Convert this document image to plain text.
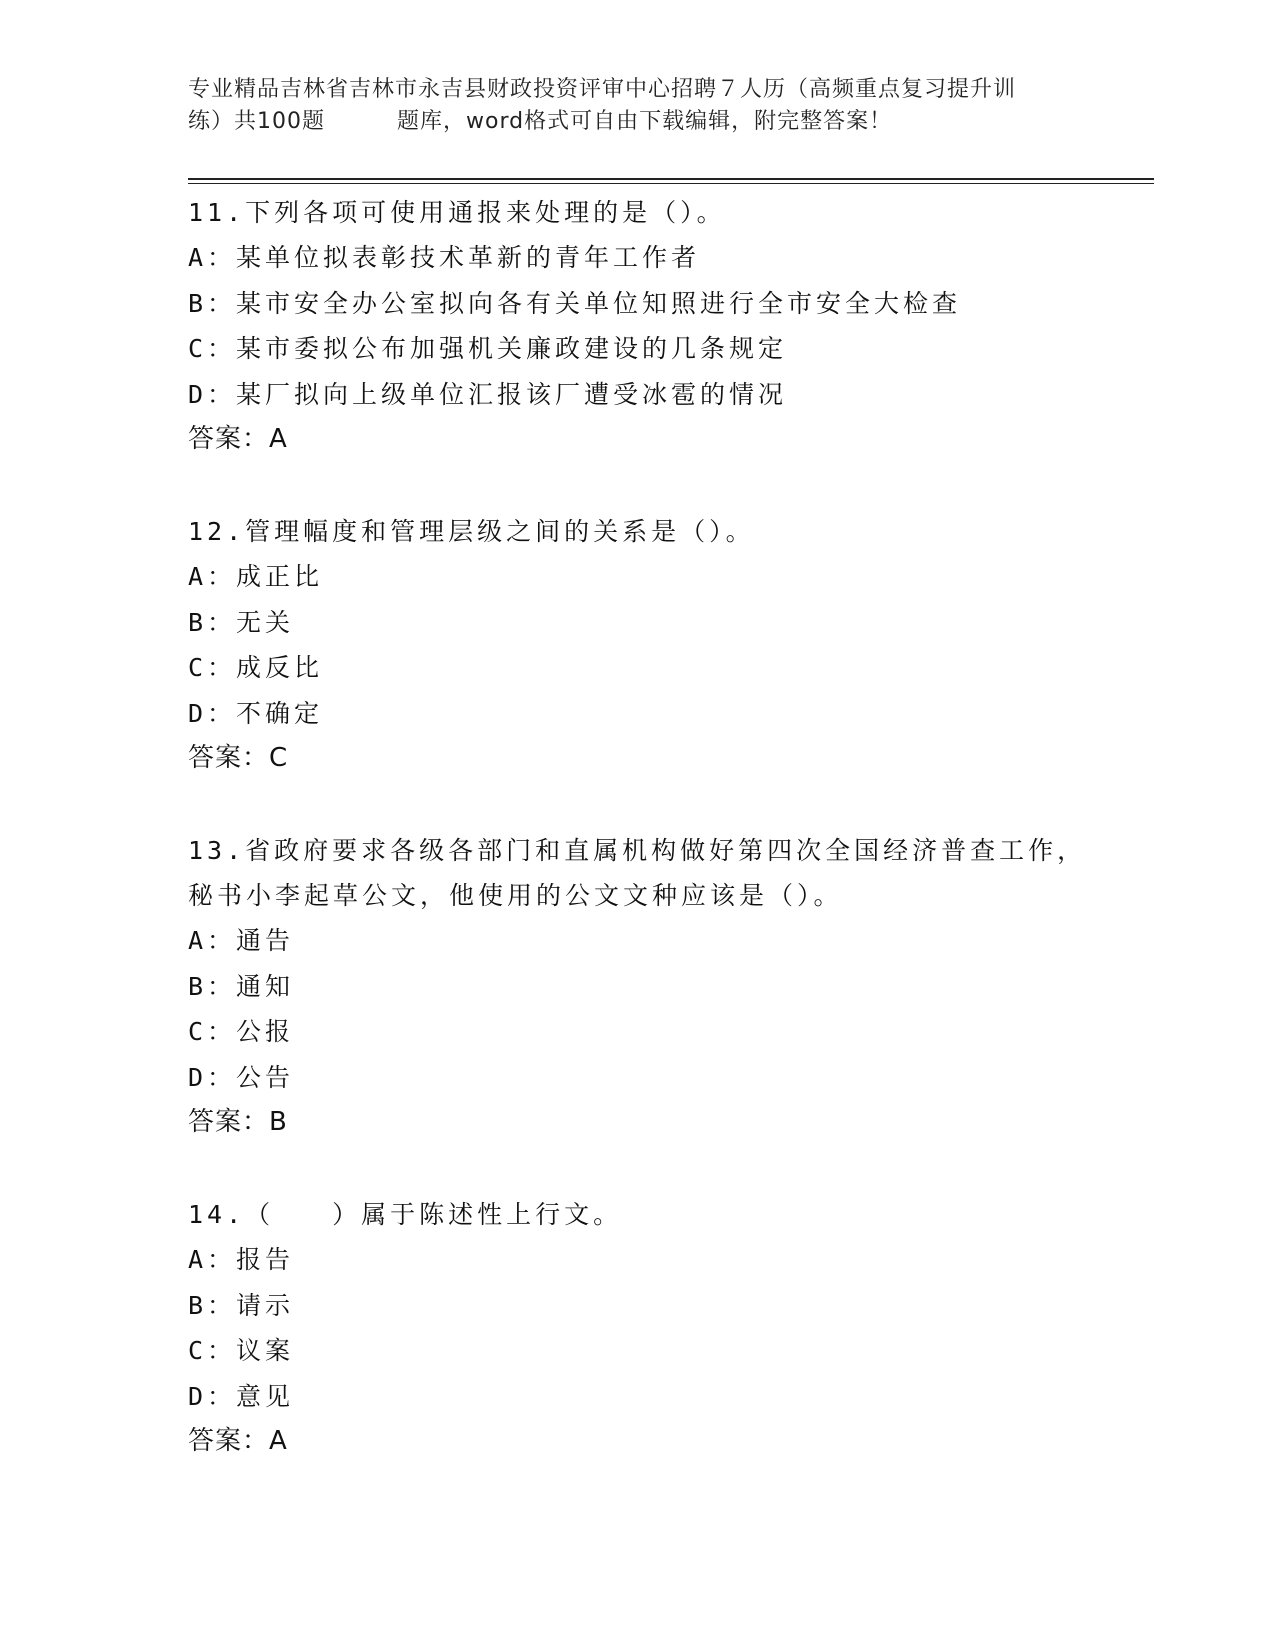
专业精品吉林省吉林市永吉县财政投资评审中心招聘７人历（高频重点复习提升训
练）共100题	题库，word格式可自由下载编辑，附完整答案！
11.下列各项可使用通报来处理的是（）。
A：某单位拟表彰技术革新的青年工作者
B：某市安全办公室拟向各有关单位知照进行全市安全大检查
C：某市委拟公布加强机关廉政建设的几条规定
D：某厂拟向上级单位汇报该厂遭受冰雹的情况
答案：A
12.管理幅度和管理层级之间的关系是（）。
A：成正比
B：无关
C：成反比
D：不确定
答案：C
13.省政府要求各级各部门和直属机构做好第四次全国经济普查工作，秘书小李起草公文，他使用的公文文种应该是（）。
A：通告
B：通知
C：公报
D：公告
答案：B
14.（　　）属于陈述性上行文。
A：报告
B：请示
C：议案
D：意见
答案：A
